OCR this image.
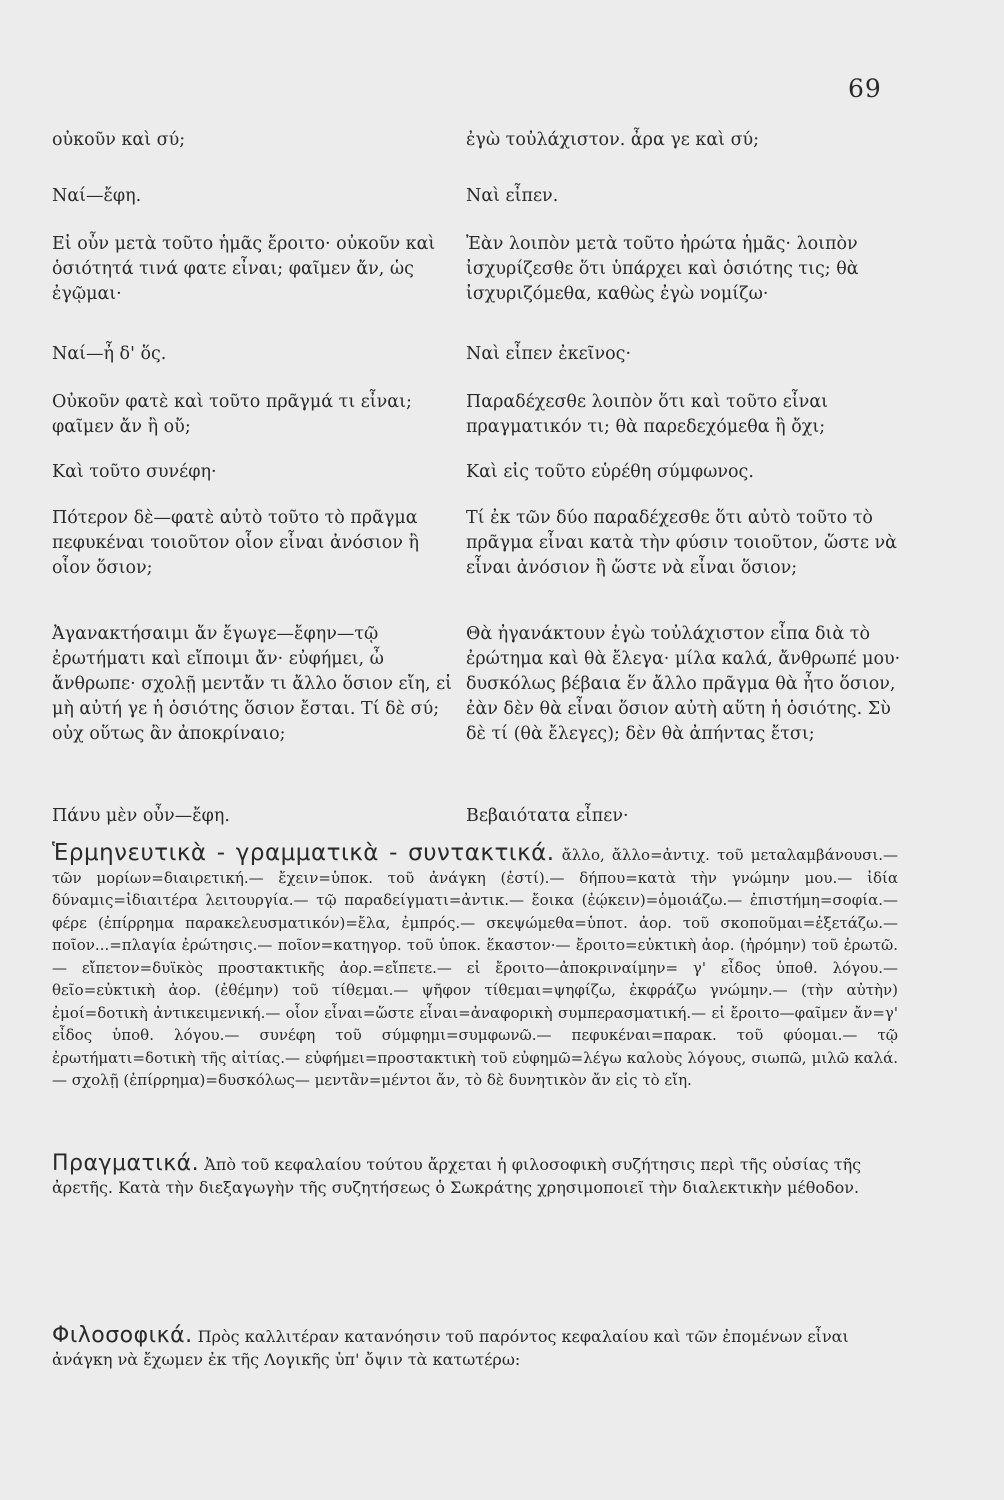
69

οὐκοῦν καὶ σύ;

Ναί—ἔφη.

Εἰ οὖν μετὰ τοῦτο ἡμᾶς ἔροιτο· οὐκοῦν καὶ ὁσιότητά τινά φατε εἶναι; φαῖμεν ἄν, ὡς ἐγῷμαι·

Ναί—ἦ δ' ὅς.

Οὐκοῦν φατὲ καὶ τοῦτο πρᾶγμά τι εἶναι; φαῖμεν ἄν ἢ οὔ;

Καὶ τοῦτο συνέφη·

Πότερον δὲ—φατὲ αὐτὸ τοῦτο τὸ πρᾶγμα πεφυκέναι τοιοῦτον οἷον εἶναι ἀνόσιον ἢ οἷον ὅσιον;

Ἀγανακτήσαιμι ἄν ἔγωγε—ἔφην—τῷ ἐρωτήματι καὶ εἴποιμι ἄν· εὐφήμει, ὦ ἄνθρωπε· σχολῇ μεντἄν τι ἄλλο ὅσιον εἴη, εἰ μὴ αὐτή γε ἡ ὁσιότης ὅσιον ἔσται. Τί δὲ σύ; οὐχ οὕτως ἂν ἀποκρίναιο;

Πάνυ μὲν οὖν—ἔφη.

ἐγὼ τοὐλάχιστον. ἆρα γε καὶ σύ;

Ναὶ εἶπεν.

Ἐὰν λοιπὸν μετὰ τοῦτο ἠρώτα ἡμᾶς· λοιπὸν ἰσχυρίζεσθε ὅτι ὑπάρχει καὶ ὁσιότης τις; θὰ ἰσχυριζόμεθα, καθὼς ἐγὼ νομίζω·

Ναὶ εἶπεν ἐκεῖνος·

Παραδέχεσθε λοιπὸν ὅτι καὶ τοῦτο εἶναι πραγματικόν τι; θὰ παρεδεχόμεθα ἢ ὄχι;

Καὶ εἰς τοῦτο εὑρέθη σύμφωνος.

Τί ἐκ τῶν δύο παραδέχεσθε ὅτι αὐτὸ τοῦτο τὸ πρᾶγμα εἶναι κατὰ τὴν φύσιν τοιοῦτον, ὥστε νὰ εἶναι ἀνόσιον ἢ ὥστε νὰ εἶναι ὅσιον;

Θὰ ἠγανάκτουν ἐγὼ τοὐλάχιστον εἶπα διὰ τὸ ἐρώτημα καὶ θὰ ἔλεγα· μίλα καλά, ἄνθρωπέ μου· δυσκόλως βέβαια ἕν ἄλλο πρᾶγμα θὰ ἦτο ὅσιον, ἐὰν δὲν θὰ εἶναι ὅσιον αὐτὴ αὕτη ἡ ὁσιότης. Σὺ δὲ τί (θὰ ἔλεγες); δὲν θὰ ἀπήντας ἔτσι;

Βεβαιότατα εἶπεν·

Ἑρμηνευτικὰ - γραμματικὰ - συντακτικά. ἄλλο, ἄλλο=ἀντιχ. τοῦ μεταλαμβάνουσι.— τῶν μορίων=διαιρετική.— ἔχειν=ὑποκ. τοῦ ἀνάγκη (ἐστί).— δήπου=κατὰ τὴν γνώμην μου.— ἰδία δύναμις=ἰδιαιτέρα λειτουργία.— τῷ παραδείγματι=ἀντικ.— ἔοικα (ἐῴκειν)=ὁμοιάζω.— ἐπιστήμη=σοφία.— φέρε (ἐπίρρημα παρακελευσματικόν)=ἔλα, ἐμπρός.— σκεψώμεθα=ὑποτ. ἀορ. τοῦ σκοποῦμαι=ἐξετάζω.— ποῖον...=πλαγία ἐρώτησις.— ποῖον=κατηγορ. τοῦ ὑποκ. ἕκαστον·— ἔροιτο=εὐκτικὴ ἀορ. (ἠρόμην) τοῦ ἐρωτῶ.— εἴπετον=δυϊκὸς προστακτικῆς ἀορ.=εἴπετε.— εἰ ἔροιτο—ἀποκριναίμην= γ' εἶδος ὑποθ. λόγου.— θεῖο=εὐκτικὴ ἀορ. (ἐθέμην) τοῦ τίθεμαι.— ψῆφον τίθεμαι=ψηφίζω, ἐκφράζω γνώμην.— (τὴν αὐτὴν) ἐμοί=δοτικὴ ἀντικειμενική.— οἷον εἶναι=ὥστε εἶναι=ἀναφορικὴ συμπερασματική.— εἰ ἔροιτο—φαῖμεν ἄν=γ' εἶδος ὑποθ. λόγου.— συνέφη τοῦ σύμφημι=συμφωνῶ.— πεφυκέναι=παρακ. τοῦ φύομαι.— τῷ ἐρωτήματι=δοτικὴ τῆς αἰτίας.— εὐφήμει=προστακτικὴ τοῦ εὐφημῶ=λέγω καλοὺς λόγους, σιωπῶ, μιλῶ καλά.— σχολῇ (ἐπίρρημα)=δυσκόλως— μεντἂν=μέντοι ἄν, τὸ δὲ δυνητικὸν ἄν εἰς τὸ εἴη.

Πραγματικά. Ἀπὸ τοῦ κεφαλαίου τούτου ἄρχεται ἡ φιλοσοφικὴ συζήτησις περὶ τῆς οὐσίας τῆς ἀρετῆς. Κατὰ τὴν διεξαγωγὴν τῆς συζητήσεως ὁ Σωκράτης χρησιμοποιεῖ τὴν διαλεκτικὴν μέθοδον.

Φιλοσοφικά. Πρὸς καλλιτέραν κατανόησιν τοῦ παρόντος κεφαλαίου καὶ τῶν ἐπομένων εἶναι ἀνάγκη νὰ ἔχωμεν ἐκ τῆς Λογικῆς ὑπ' ὄψιν τὰ κατωτέρω:
